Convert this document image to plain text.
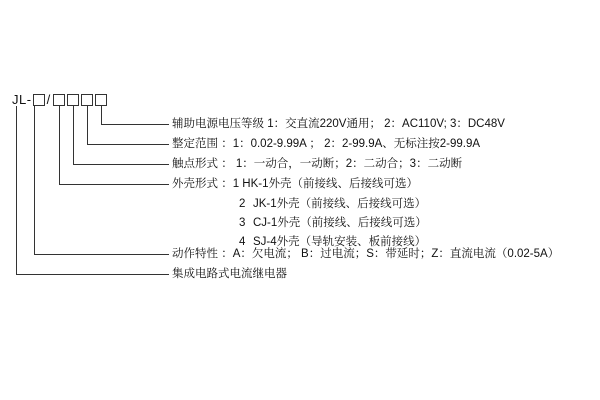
JL- /
辅助电源电压等级 1：交直流220V通用； 2：AC110V; 3：DC48V
整定范围 ：1：0.02-9.99A ； 2：2-99.9A、无标注按2-99.9A
触点形式 ： 1：一动合，一动断；2：二动合；3：二动断
外壳形式 ：1 HK-1外壳（前接线、后接线可选）
2 JK-1外壳（前接线、后接线可选）
3 CJ-1外壳（前接线、后接线可选）
4 SJ-4外壳（导轨安装、板前接线）
动作特性 ：A：欠电流； B：过电流；S：带延时；Z：直流电流（0.02-5A）
集成电路式电流继电器
